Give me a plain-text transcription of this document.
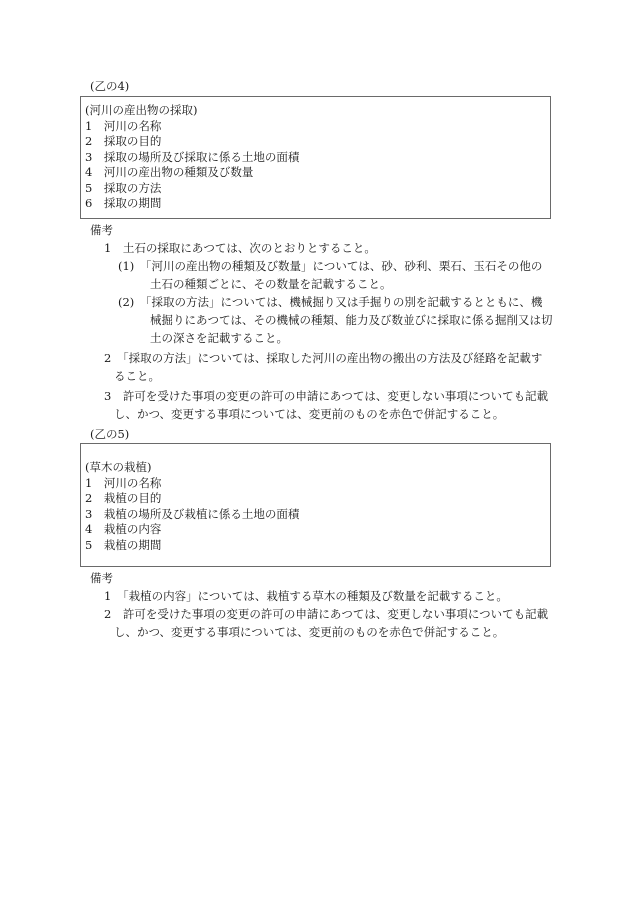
(乙の4)
(河川の産出物の採取)
1　 河川の名称
2　 採取の目的
3　 採取の場所及び採取に係る土地の面積
4　 河川の産出物の種類及び数量
5　 採取の方法
6　 採取の期間
備考
1　 土石の採取にあつては、次のとおりとすること。
(1)　 「河川の産出物の種類及び数量」については、砂、砂利、栗石、玉石その他の
土石の種類ごとに、その数量を記載すること。
(2)　 「採取の方法」については、機械掘り又は手掘りの別を記載するとともに、機
械掘りにあつては、その機械の種類、能力及び数並びに採取に係る掘削又は切
土の深さを記載すること。
2　 「採取の方法」については、採取した河川の産出物の搬出の方法及び経路を記載す
ること。
3　 許可を受けた事項の変更の許可の申請にあつては、変更しない事項についても記載
し、かつ、変更する事項については、変更前のものを赤色で併記すること。
(乙の5)
(草木の栽植)
1　 河川の名称
2　 栽植の目的
3　 栽植の場所及び栽植に係る土地の面積
4　 栽植の内容
5　 栽植の期間
備考
1　 「栽植の内容」については、栽植する草木の種類及び数量を記載すること。
2　 許可を受けた事項の変更の許可の申請にあつては、変更しない事項についても記載
し、かつ、変更する事項については、変更前のものを赤色で併記すること。
